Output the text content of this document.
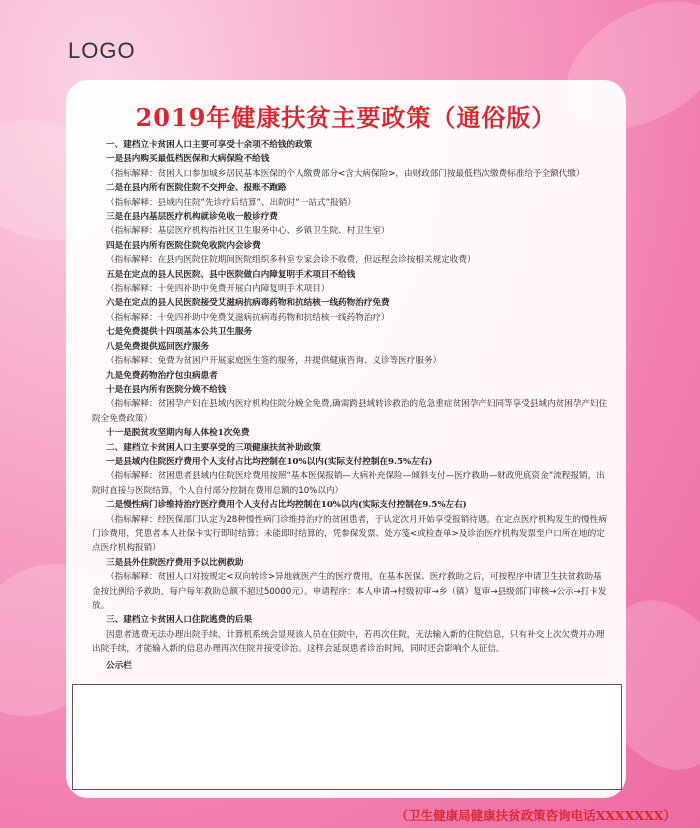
LOGO
2019年健康扶贫主要政策（通俗版）
一、建档立卡贫困人口主要可享受十余项不给钱的政策
一是县内购买最低档医保和大病保险不给钱
（指标解释：贫困人口参加城乡居民基本医保的个人缴费部分<含大病保险>，由财政部门按最低档次缴费标准给予全额代缴）
二是在县内所有医院住院不交押金、报账不跑路
（指标解释：县域内住院“先诊疗后结算”、出院时“一站式”报销）
三是在县内基层医疗机构就诊免收一般诊疗费
（指标解释：基层医疗机构指社区卫生服务中心、乡镇卫生院、村卫生室）
四是在县内所有医院住院免收院内会诊费
（指标解释：在县内医院住院期间医院组织多科室专家会诊不收费，但远程会诊按相关规定收费）
五是在定点的县人民医院、县中医院做白内障复明手术项目不给钱
（指标解释：十免四补助中免费开展白内障复明手术项目）
六是在定点的县人民医院接受艾滋病抗病毒药物和抗结核一线药物治疗免费
（指标解释：十免四补助中免费艾滋病抗病毒药物和抗结核一线药物治疗）
七是免费提供十四项基本公共卫生服务
八是免费提供巡回医疗服务
（指标解释：免费为贫困户开展家庭医生签约服务，并提供健康咨询、义诊等医疗服务）
九是免费药物治疗包虫病患者
十是在县内所有医院分娩不给钱
（指标解释：贫困孕产妇在县域内医疗机构住院分娩全免费,确需跨县域转诊救治的危急重症贫困孕产妇同等享受县域内贫困孕产妇住院全免费政策）
十一是脱贫攻坚期内每人体检1次免费
二、建档立卡贫困人口主要享受的三项健康扶贫补助政策
一是县域内住院医疗费用个人支付占比均控制在10%以内(实际支付控制在9.5%左右)
（指标解释：贫困患者县域内住院医疗费用按照“基本医保报销—大病补充保险—倾斜支付—医疗救助—财政兜底资金”流程报销，出院时直接与医院结算，个人自付部分控制在费用总额的10%以内）
二是慢性病门诊维持治疗医疗费用个人支付占比均控制在10%以内(实际支付控制在9.5%左右)
（指标解释：经医保部门认定为28种慢性病门诊维持治疗的贫困患者，于认定次月开始享受报销待遇。在定点医疗机构发生的慢性病门诊费用，凭患者本人社保卡实行即时结算；未能即时结算的，凭参保发票、处方笺<或检查单>及诊治医疗机构发票至户口所在地的定点医疗机构报销）
三是县外住院医疗费用予以比例救助
（指标解释：贫困人口对按规定<双向转诊>异地就医产生的医疗费用，在基本医保、医疗救助之后，可按程序申请卫生扶贫救助基金按比例给予救助，每户每年救助总额不超过50000元）。申请程序：本人申请→村级初审→乡（镇）复审→县级部门审核→公示→打卡发放。
三、建档立卡贫困人口住院逃费的后果
因患者逃费无法办理出院手续，计算机系统会显现该人员在住院中，若再次住院，无法输入新的住院信息，只有补交上次欠费并办理出院手续，才能输入新的信息办理再次住院并接受诊治。这样会延误患者诊治时间，同时还会影响个人征信。
公示栏
（卫生健康局健康扶贫政策咨询电话XXXXXXX）
